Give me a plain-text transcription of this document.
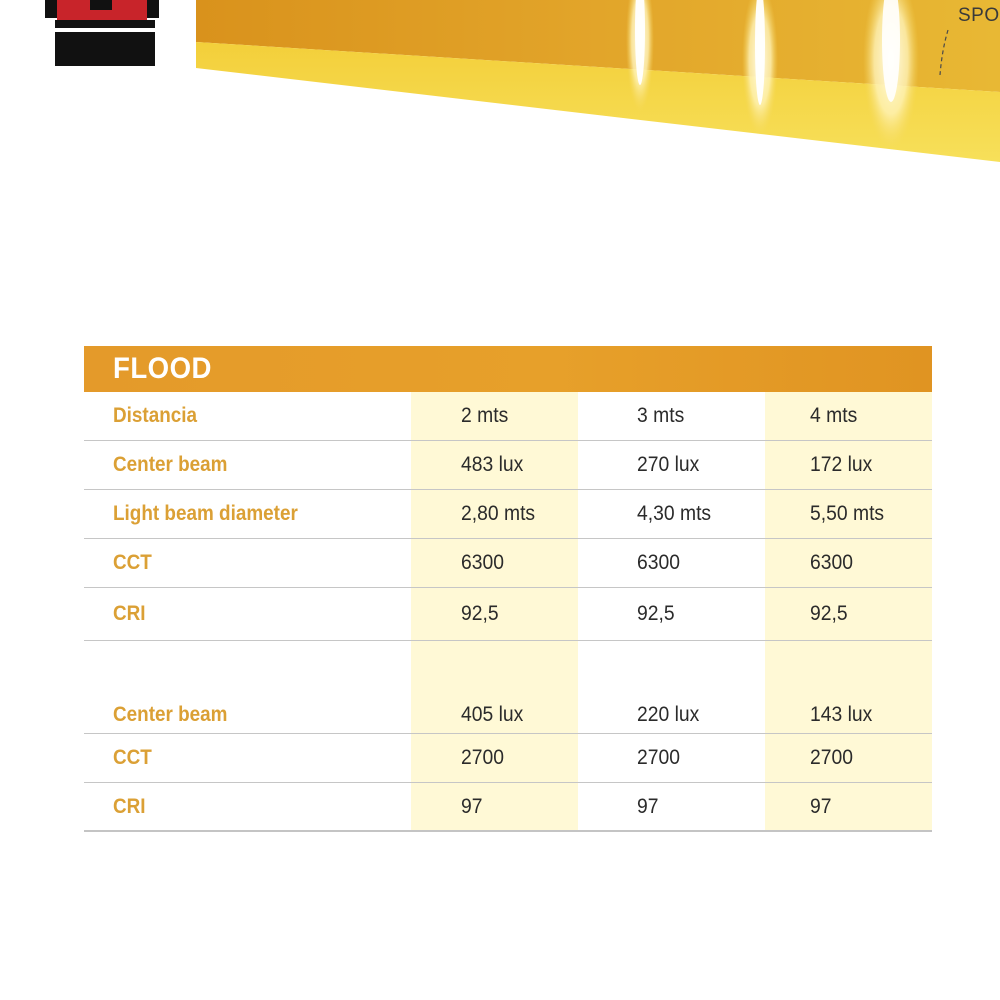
SPO
FLOOD
Distancia	2 mts	3 mts	4 mts
Center beam	483 lux	270 lux	172 lux
Light beam diameter	2,80 mts	4,30 mts	5,50 mts
CCT	6300	6300	6300
CRI	92,5	92,5	92,5
Center beam	405 lux	220 lux	143 lux
CCT	2700	2700	2700
CRI	97	97	97
